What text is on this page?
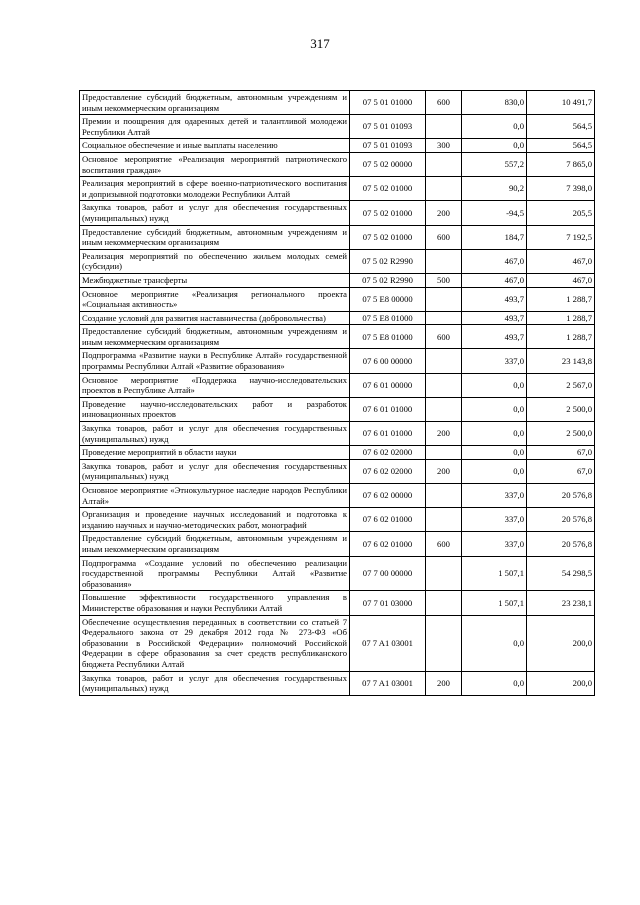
317
Предоставление субсидий бюджетным, автономным учреждениям и иным некоммерческим организациям	07 5 01 01000	600	830,0	10 491,7
Премии и поощрения для одаренных детей и талантливой молодежи Республики Алтай	07 5 01 01093		0,0	564,5
Социальное обеспечение и иные выплаты населению	07 5 01 01093	300	0,0	564,5
Основное мероприятие «Реализация мероприятий патриотического воспитания граждан»	07 5 02 00000		557,2	7 865,0
Реализация мероприятий в сфере военно-патриотического воспитания и допризывной подготовки молодежи Республики Алтай	07 5 02 01000		90,2	7 398,0
Закупка товаров, работ и услуг для обеспечения государственных (муниципальных) нужд	07 5 02 01000	200	-94,5	205,5
Предоставление субсидий бюджетным, автономным учреждениям и иным некоммерческим организациям	07 5 02 01000	600	184,7	7 192,5
Реализация мероприятий по обеспечению жильем молодых семей (субсидии)	07 5 02 R2990		467,0	467,0
Межбюджетные трансферты	07 5 02 R2990	500	467,0	467,0
Основное мероприятие «Реализация регионального проекта «Социальная активность»	07 5 E8 00000		493,7	1 288,7
Создание условий для развития наставничества (добровольчества)	07 5 E8 01000		493,7	1 288,7
Предоставление субсидий бюджетным, автономным учреждениям и иным некоммерческим организациям	07 5 E8 01000	600	493,7	1 288,7
Подпрограмма «Развитие науки в Республике Алтай» государственной программы Республики Алтай «Развитие образования»	07 6 00 00000		337,0	23 143,8
Основное мероприятие «Поддержка научно-исследовательских проектов в Республике Алтай»	07 6 01 00000		0,0	2 567,0
Проведение научно-исследовательских работ и разработок инновационных проектов	07 6 01 01000		0,0	2 500,0
Закупка товаров, работ и услуг для обеспечения государственных (муниципальных) нужд	07 6 01 01000	200	0,0	2 500,0
Проведение мероприятий в области науки	07 6 02 02000		0,0	67,0
Закупка товаров, работ и услуг для обеспечения государственных (муниципальных) нужд	07 6 02 02000	200	0,0	67,0
Основное мероприятие «Этнокультурное наследие народов Республики Алтай»	07 6 02 00000		337,0	20 576,8
Организация и проведение научных исследований и подготовка к изданию научных и научно-методических работ, монографий	07 6 02 01000		337,0	20 576,8
Предоставление субсидий бюджетным, автономным учреждениям и иным некоммерческим организациям	07 6 02 01000	600	337,0	20 576,8
Подпрограмма «Создание условий по обеспечению реализации государственной программы Республики Алтай «Развитие образования»	07 7 00 00000		1 507,1	54 298,5
Повышение эффективности государственного управления в Министерстве образования и науки Республики Алтай	07 7 01 03000		1 507,1	23 238,1
Обеспечение осуществления переданных в соответствии со статьей 7 Федерального закона от 29 декабря 2012 года № 273-ФЗ «Об образовании в Российской Федерации» полномочий Российской Федерации в сфере образования за счет средств республиканского бюджета Республики Алтай	07 7 A1 03001		0,0	200,0
Закупка товаров, работ и услуг для обеспечения государственных (муниципальных) нужд	07 7 A1 03001	200	0,0	200,0
